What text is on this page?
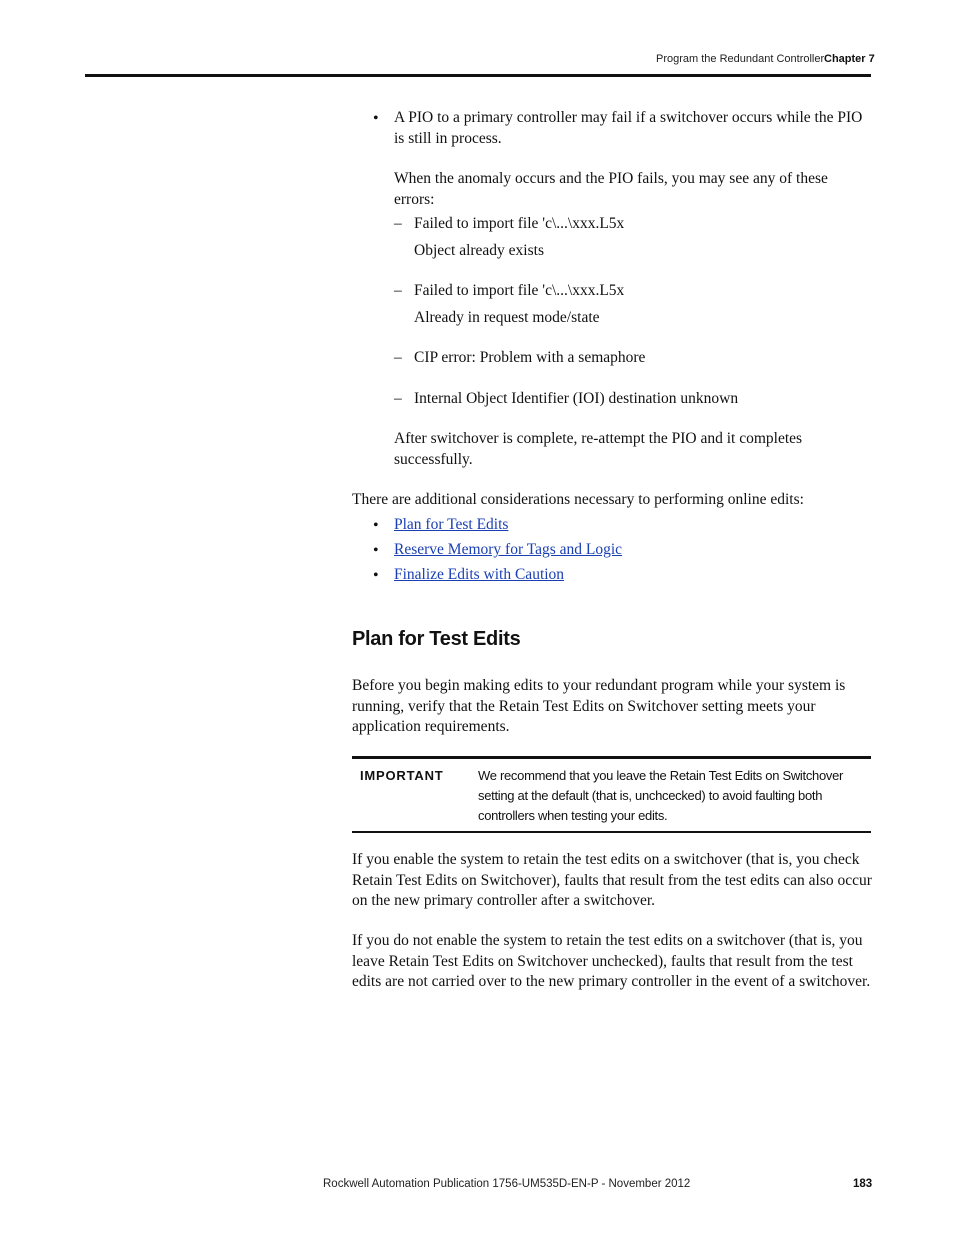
Program the Redundant Controller Chapter 7
• A PIO to a primary controller may fail if a switchover occurs while the PIO is still in process.
When the anomaly occurs and the PIO fails, you may see any of these errors:
– Failed to import file 'c\...\xxx.L5x
Object already exists
– Failed to import file 'c\...\xxx.L5x
Already in request mode/state
– CIP error: Problem with a semaphore
– Internal Object Identifier (IOI) destination unknown
After switchover is complete, re-attempt the PIO and it completes successfully.
There are additional considerations necessary to performing online edits:
• Plan for Test Edits
• Reserve Memory for Tags and Logic
• Finalize Edits with Caution
Plan for Test Edits
Before you begin making edits to your redundant program while your system is running, verify that the Retain Test Edits on Switchover setting meets your application requirements.
IMPORTANT	We recommend that you leave the Retain Test Edits on Switchover setting at the default (that is, unchcecked) to avoid faulting both controllers when testing your edits.
If you enable the system to retain the test edits on a switchover (that is, you check Retain Test Edits on Switchover), faults that result from the test edits can also occur on the new primary controller after a switchover.
If you do not enable the system to retain the test edits on a switchover (that is, you leave Retain Test Edits on Switchover unchecked), faults that result from the test edits are not carried over to the new primary controller in the event of a switchover.
Rockwell Automation Publication 1756-UM535D-EN-P - November 2012	183
